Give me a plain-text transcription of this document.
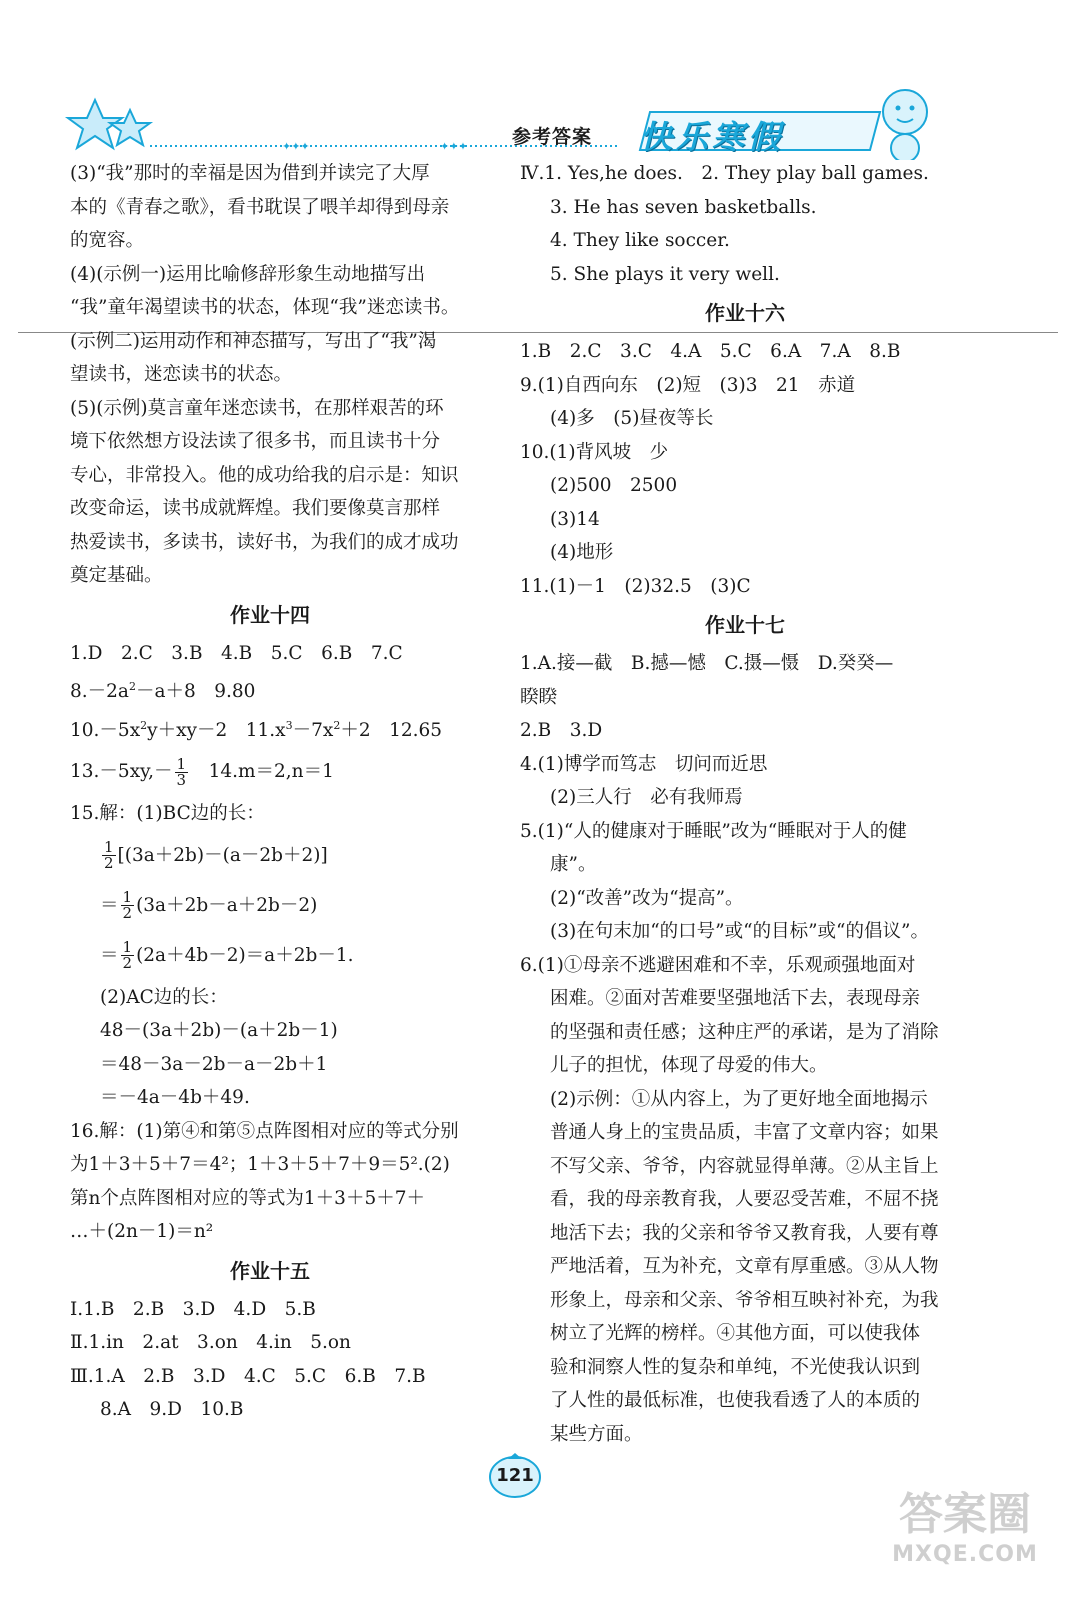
✦✦✦	✦✦✦ 参考答案 快乐寒假
(3)“我”那时的幸福是因为借到并读完了大厚
本的《青春之歌》，看书耽误了喂羊却得到母亲
的宽容。
(4)(示例一)运用比喻修辞形象生动地描写出
“我”童年渴望读书的状态，体现“我”迷恋读书。
(示例二)运用动作和神态描写，写出了“我”渴
望读书，迷恋读书的状态。
(5)(示例)莫言童年迷恋读书，在那样艰苦的环
境下依然想方设法读了很多书，而且读书十分
专心，非常投入。他的成功给我的启示是：知识
改变命运，读书成就辉煌。我们要像莫言那样
热爱读书，多读书，读好书，为我们的成才成功
奠定基础。
作业十四
1.D　2.C　3.B　4.B　5.C　6.B　7.C
$8.-2a^2-a+8$　9.80
$10.-5x^2y+xy-2$　$11.x^3-7x^2+2$　12.65
$13.-5xy,- \frac{1}{3}$
　 14.m＝2,n＝1
15.解：(1)BC边的长：
$\frac{1}{2} [(3a+2b)-(a-2b+2)]$
＝ $\frac{1}{2} (3a+2b-a+2b-2)$
＝ $\frac{1}{2} (2a+4b-2)=a+2b-1$.
(2)AC边的长：
48－(3a＋2b)－(a＋2b－1)
＝48－3a－2b－a－2b＋1
＝－4a－4b＋49.
16.解：(1)第④和第⑤点阵图相对应的等式分别
为1＋3＋5＋7＝4²；1＋3＋5＋7＋9＝5².(2)
第n个点阵图相对应的等式为1＋3＋5＋7＋
…＋(2n－1)＝n²
作业十五
Ⅰ.1.B　2.B　3.D　4.D　5.B
Ⅱ.1.in　2.at　3.on　4.in　5.on
Ⅲ.1.A　2.B　3.D　4.C　5.C　6.B　7.B
8.A　9.D　10.B
Ⅳ.1. Yes,he does.　2. They play ball games.
3. He has seven basketballs.
4. They like soccer.
5. She plays it very well.
作业十六
1.B　2.C　3.C　4.A　5.C　6.A　7.A　8.B
9.(1)自西向东　(2)短　(3)3　21　赤道
(4)多　(5)昼夜等长
10.(1)背风坡　少
(2)500　2500
(3)14
(4)地形
11.(1)－1　(2)32.5　(3)C
作业十七
1.A.接—截　B.撼—憾　C.摄—慑　D.癸癸—
睽睽
2.B　3.D
4.(1)博学而笃志　切问而近思
(2)三人行　必有我师焉
5.(1)“人的健康对于睡眠”改为“睡眠对于人的健
康”。
(2)“改善”改为“提高”。
(3)在句末加“的口号”或“的目标”或“的倡议”。
6.(1)①母亲不逃避困难和不幸，乐观顽强地面对
困难。②面对苦难要坚强地活下去，表现母亲
的坚强和责任感；这种庄严的承诺，是为了消除
儿子的担忧，体现了母爱的伟大。
(2)示例：①从内容上，为了更好地全面地揭示
普通人身上的宝贵品质，丰富了文章内容；如果
不写父亲、爷爷，内容就显得单薄。②从主旨上
看，我的母亲教育我，人要忍受苦难，不屈不挠
地活下去；我的父亲和爷爷又教育我，人要有尊
严地活着，互为补充，文章有厚重感。③从人物
形象上，母亲和父亲、爷爷相互映衬补充，为我
树立了光辉的榜样。④其他方面，可以使我体
验和洞察人性的复杂和单纯，不光使我认识到
了人性的最低标准，也使我看透了人的本质的
某些方面。
121
答案圈
MXQE.COM
